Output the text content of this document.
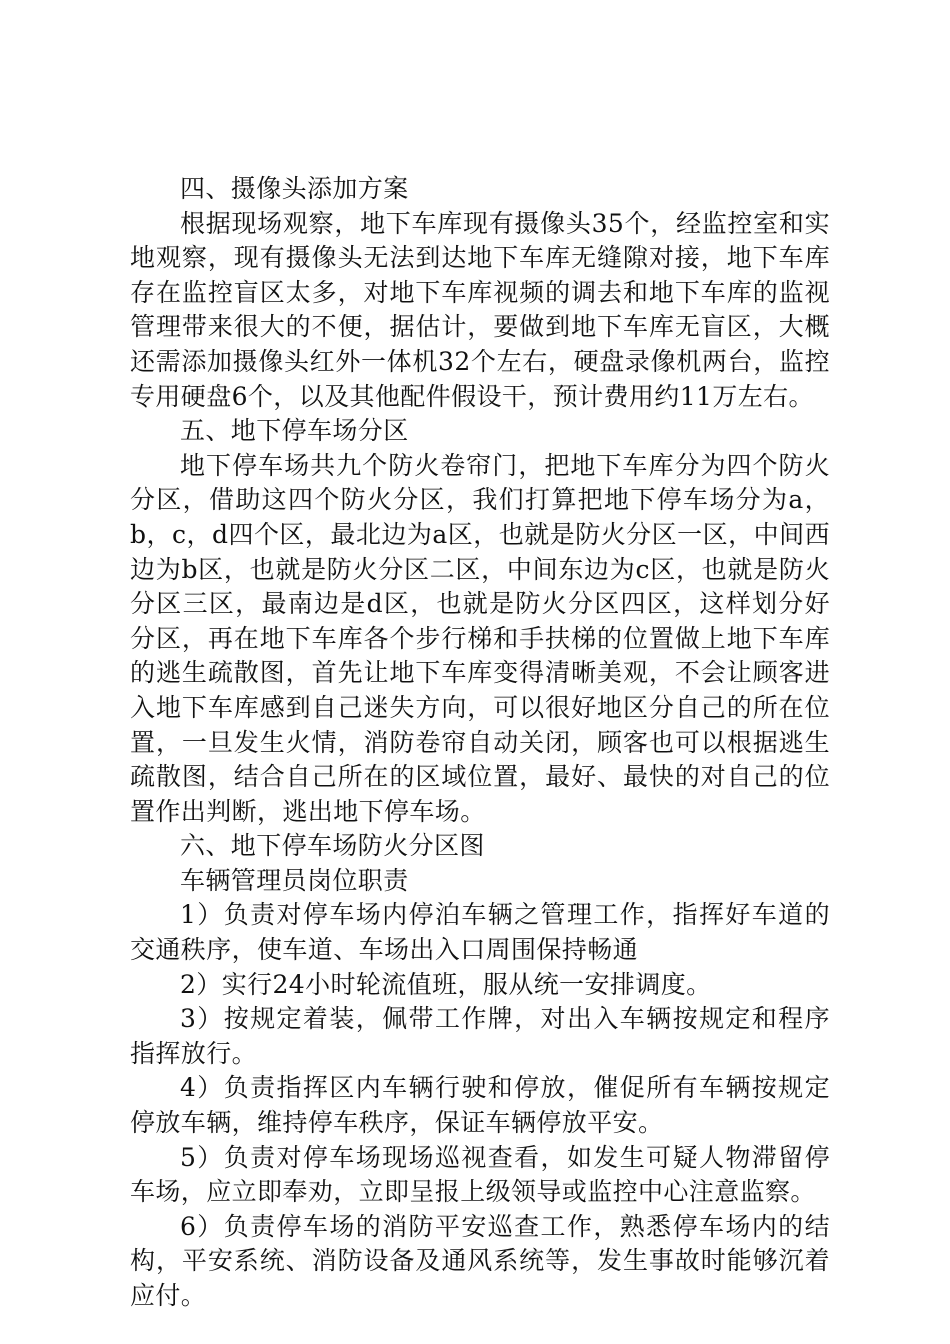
四、摄像头添加方案

根据现场观察，地下车库现有摄像头35个，经监控室和实地观察，现有摄像头无法到达地下车库无缝隙对接，地下车库存在监控盲区太多，对地下车库视频的调去和地下车库的监视管理带来很大的不便，据估计，要做到地下车库无盲区，大概还需添加摄像头红外一体机32个左右，硬盘录像机两台，监控专用硬盘6个，以及其他配件假设干，预计费用约11万左右。

五、地下停车场分区

地下停车场共九个防火卷帘门，把地下车库分为四个防火分区，借助这四个防火分区，我们打算把地下停车场分为a，b，c，d四个区，最北边为a区，也就是防火分区一区，中间西边为b区，也就是防火分区二区，中间东边为c区，也就是防火分区三区，最南边是d区，也就是防火分区四区，这样划分好分区，再在地下车库各个步行梯和手扶梯的位置做上地下车库的逃生疏散图，首先让地下车库变得清晰美观，不会让顾客进入地下车库感到自己迷失方向，可以很好地区分自己的所在位置，一旦发生火情，消防卷帘自动关闭，顾客也可以根据逃生疏散图，结合自己所在的区域位置，最好、最快的对自己的位置作出判断，逃出地下停车场。

六、地下停车场防火分区图

车辆管理员岗位职责

1）负责对停车场内停泊车辆之管理工作，指挥好车道的交通秩序，使车道、车场出入口周围保持畅通

2）实行24小时轮流值班，服从统一安排调度。

3）按规定着装，佩带工作牌，对出入车辆按规定和程序指挥放行。

4）负责指挥区内车辆行驶和停放，催促所有车辆按规定停放车辆，维持停车秩序，保证车辆停放平安。

5）负责对停车场现场巡视查看，如发生可疑人物滞留停车场，应立即奉劝，立即呈报上级领导或监控中心注意监察。

6）负责停车场的消防平安巡查工作，熟悉停车场内的结构，平安系统、消防设备及通风系统等，发生事故时能够沉着应付。
